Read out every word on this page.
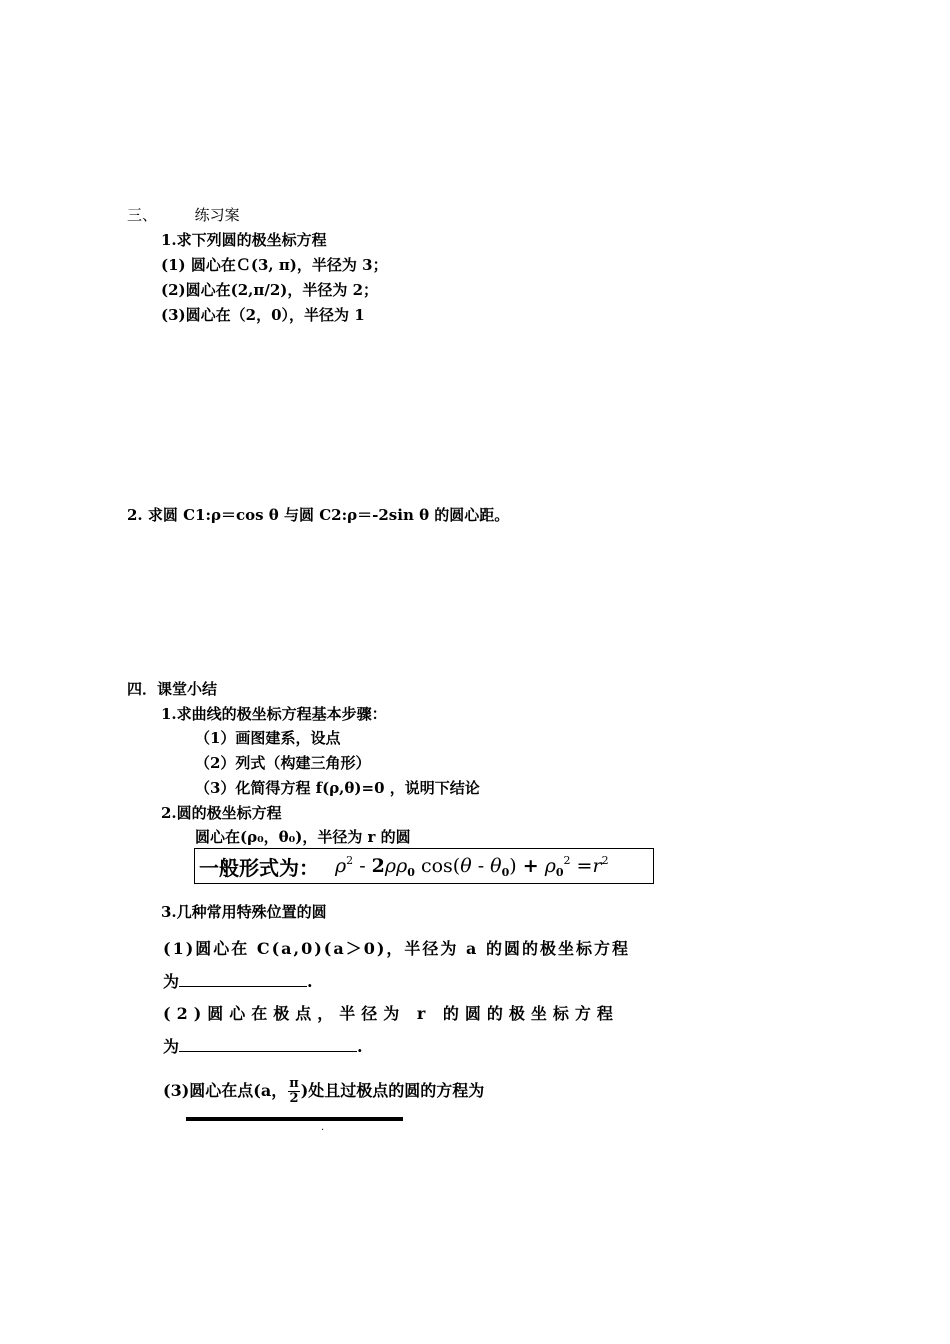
三、	练习案
1.求下列圆的极坐标方程
(1) 圆心在Ｃ(3, π)，半径为 3；
(2)圆心在(2,π/2)，半径为 2；
(3)圆心在（2，0），半径为 1
2. 求圆 C1:ρ＝cos θ 与圆 C2:ρ＝-2sin θ 的圆心距。
四．课堂小结
1.求曲线的极坐标方程基本步骤：
（1）画图建系，设点
（2）列式（构建三角形）
（3）化简得方程 f(ρ,θ)=0 ，说明下结论
2.圆的极坐标方程
圆心在(ρ₀，θ₀)，半径为 r 的圆
一般形式为： $\rho^2 - 2\rho\rho_0$ $\cos(\theta - \theta_0) + \rho_0^2 =r^2$
3.几种常用特殊位置的圆
(1)圆心在 C(a,0)(a＞0)，半径为 a 的圆的极坐标方程
为	.
(2)圆心在极点，半径为 r 的圆的极坐标方程
为	.
(3)圆心在点(a， $\frac{\pi}{2}$ )处且过极点的圆的方程为
.
